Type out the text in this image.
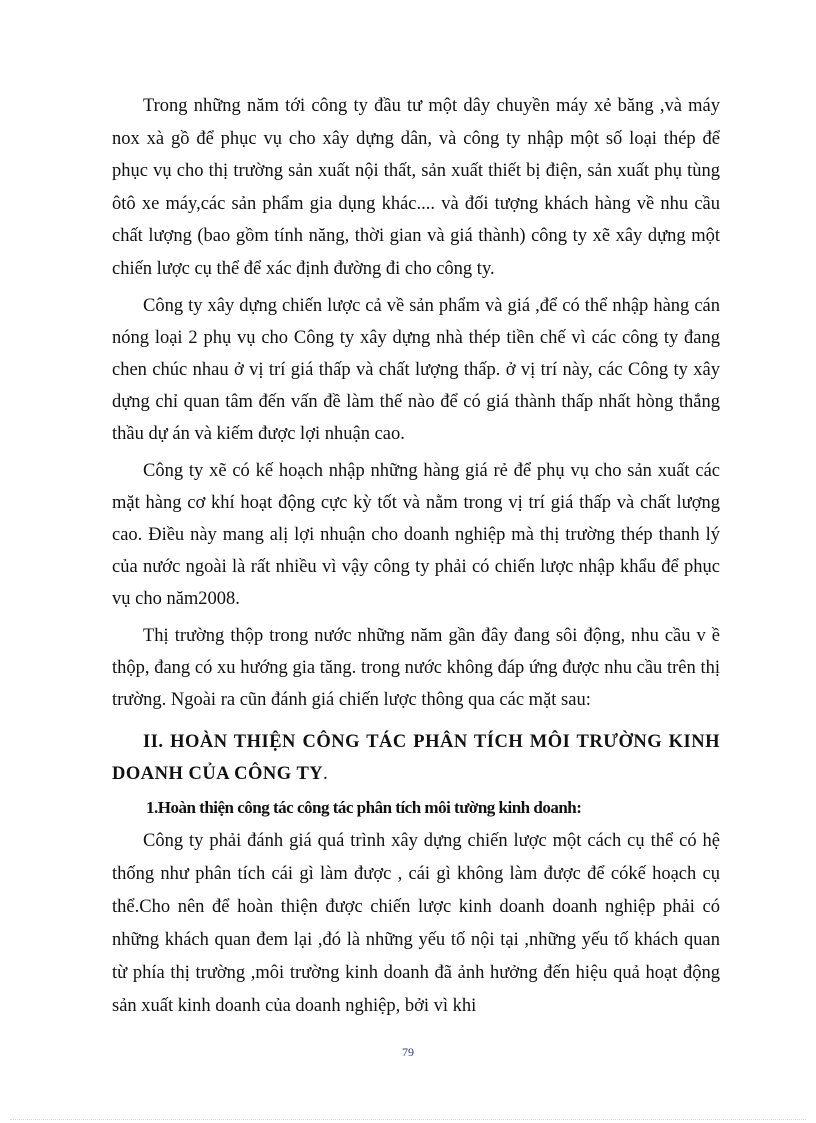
Trong những năm tới công ty đầu tư một dây chuyền máy xẻ băng ,và máy nox xà gồ để phục vụ cho xây dựng dân, và công ty nhập một số loại thép để phục vụ cho thị trường sản xuất nội thất, sản xuất thiết bị điện, sản xuất phụ tùng ôtô xe máy,các sản phẩm gia dụng khác.... và đối tượng khách hàng về nhu cầu chất lượng (bao gồm tính năng, thời gian và giá thành) công ty xẽ xây dựng một chiến lược cụ thể để xác định đường đi cho công ty.

Công ty xây dựng chiến lược cả về sản phẩm và giá ,để có thể nhập hàng cán nóng loại 2 phụ vụ cho Công ty xây dựng nhà thép tiền chế vì các công ty đang chen chúc nhau ở vị trí giá thấp và chất lượng thấp. ở vị trí này, các Công ty xây dựng chỉ quan tâm đến vấn đề làm thế nào để có giá thành thấp nhất hòng thắng thầu dự án và kiếm được lợi nhuận cao.

Công ty xẽ có kế hoạch nhập những hàng giá rẻ để phụ vụ cho sản xuất các mặt hàng cơ khí hoạt động cực kỳ tốt và nằm trong vị trí giá thấp và chất lượng cao. Điều này mang alị lợi nhuận cho doanh nghiệp mà thị trường thép thanh lý của nước ngoài là rất nhiều vì vậy công ty phải có chiến lược nhập khẩu để phục vụ cho năm2008.

Thị trường thộp trong nước những năm gần đây đang sôi động, nhu cầu v ề thộp, đang có xu hướng gia tăng. trong nước không đáp ứng được nhu cầu trên thị trường. Ngoài ra cũn đánh giá chiến lược thông qua các mặt sau:

II. HOÀN THIỆN CÔNG TÁC PHÂN TÍCH MÔI TRƯỜNG KINH DOANH CỦA CÔNG TY.
1.Hoàn thiện công tác công tác phân tích môi tường kinh doanh:

Công ty phải đánh giá quá trình xây dựng chiến lược một cách cụ thể có hệ thống như phân tích cái gì làm được , cái gì không làm được để cókế hoạch cụ thể.Cho nên để hoàn thiện được chiến lược kinh doanh doanh nghiệp phải có những khách quan đem lại ,đó là những yếu tố nội tại ,những yếu tố khách quan từ phía thị trường ,môi trường kinh doanh đã ảnh hưởng đến hiệu quả hoạt động sản xuất kinh doanh của doanh nghiệp, bởi vì khi

79
